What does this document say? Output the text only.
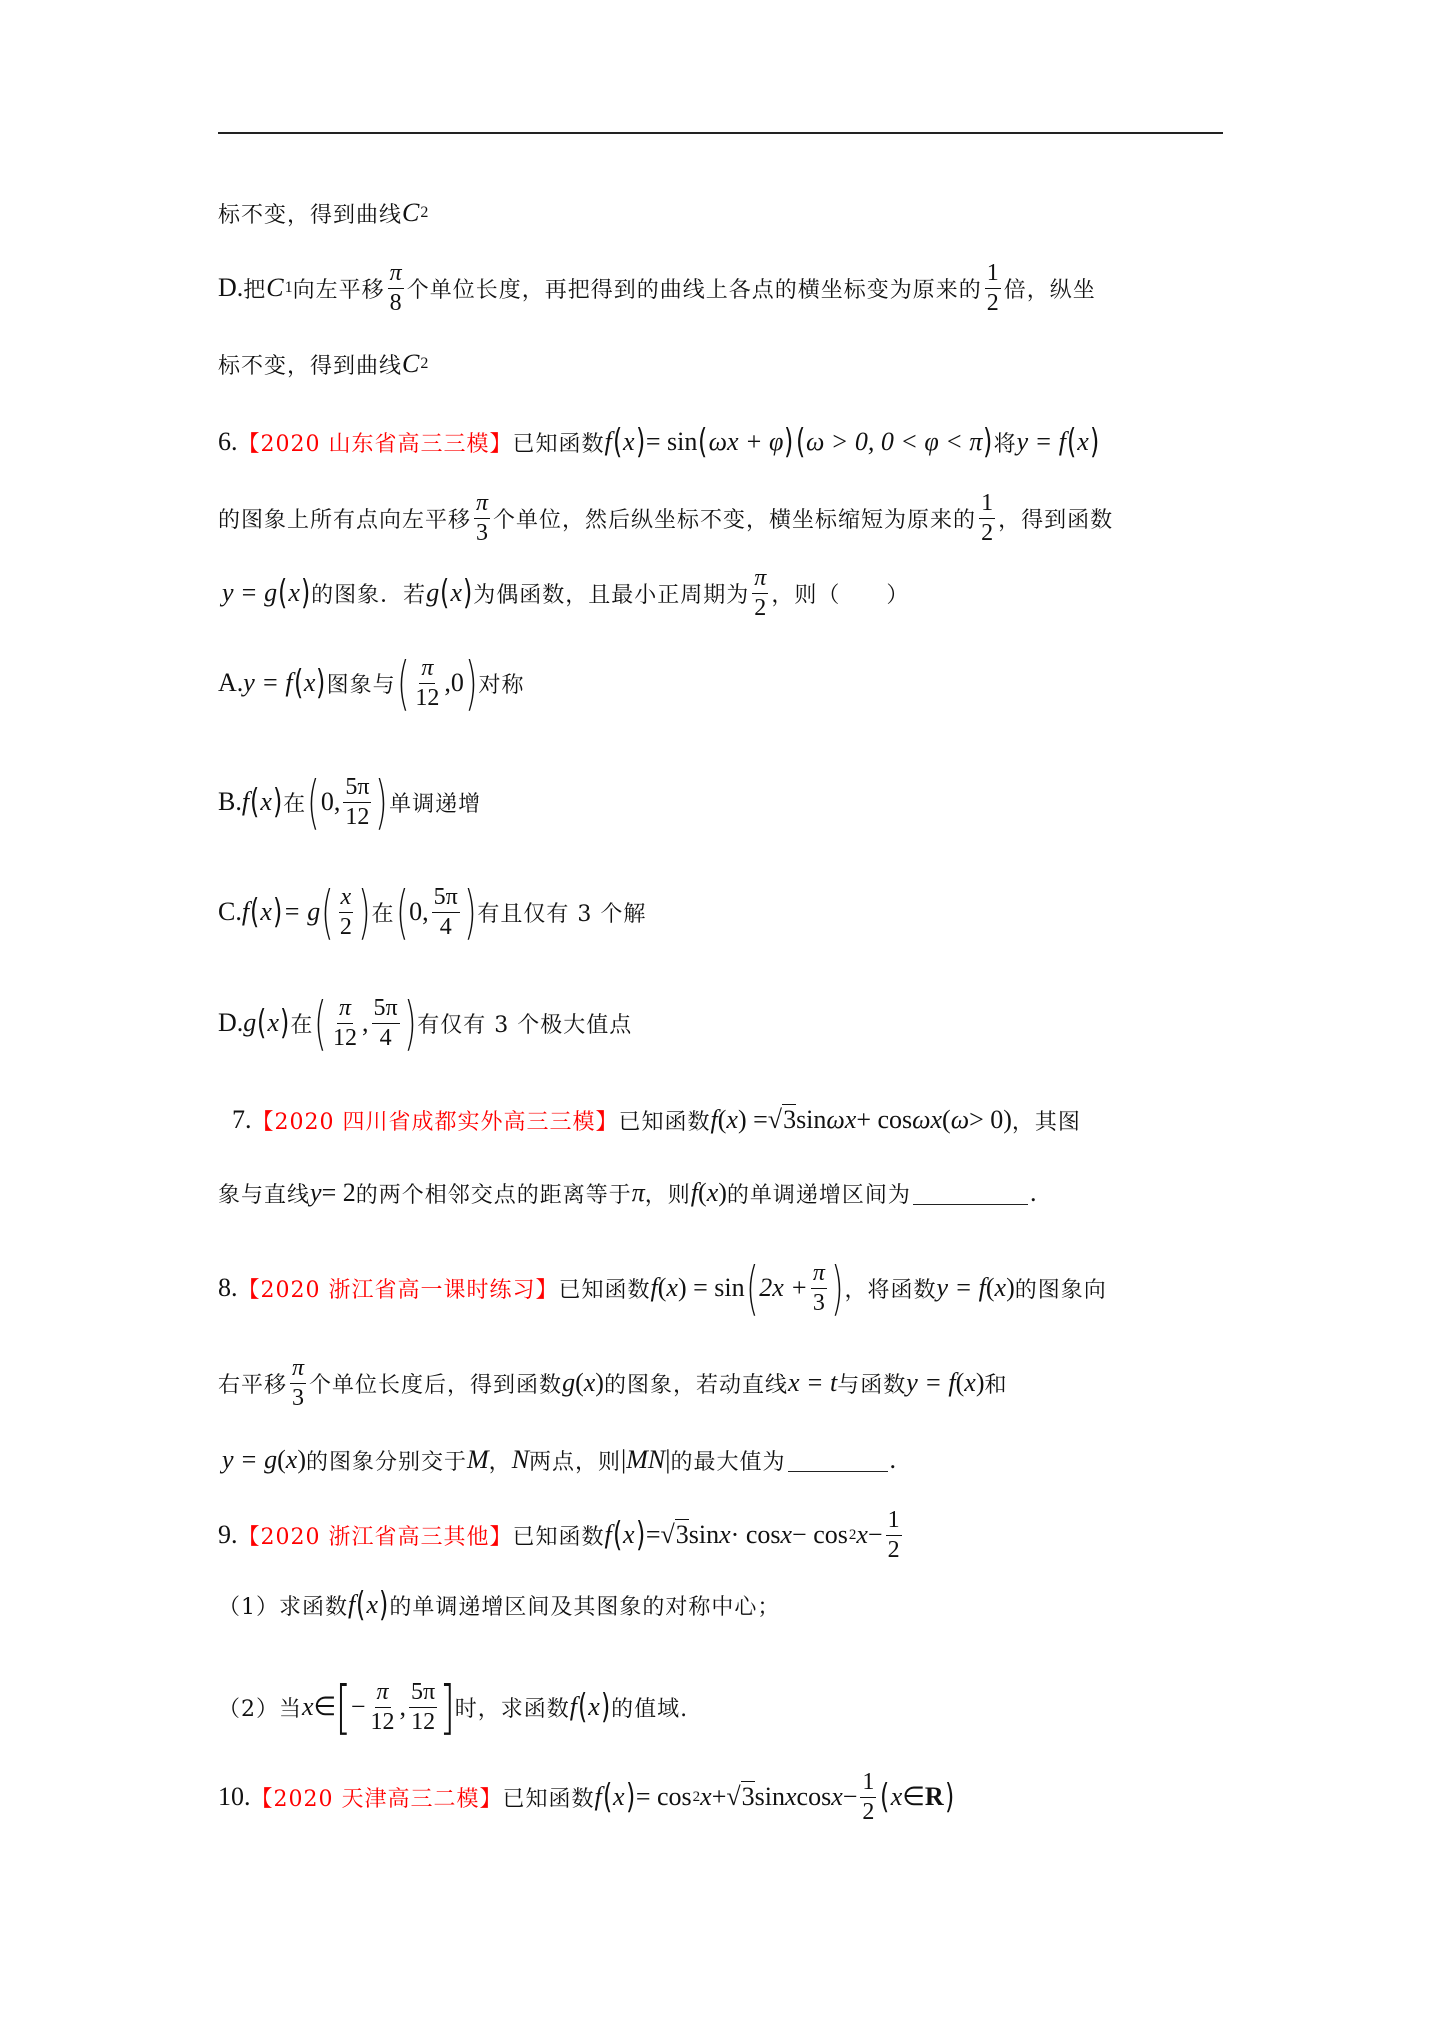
标不变，得到曲线 C 2
D. 把 C 1 向左平移 $\frac{\pi}{8}$ 个单位长度，再把得到的曲线上各点的横坐标变为原来的 $\frac{1}{2}$ 倍，纵坐
标不变，得到曲线 C 2
6. 【2020 山东省高三三模】 已知函数 f ( x ) = sin ( ωx + φ ) ( ω > 0, 0 < φ < π ) 将 y = f ( x )
的图象上所有点向左平移 $\frac{\pi}{3}$ 个单位，然后纵坐标不变，横坐标缩短为原来的 $\frac{1}{2}$ ，得到函数
y = g ( x ) 的图象．若 g ( x ) 为偶函数，且最小正周期为 $\frac{\pi}{2}$ ，则（　　）
A. y = f ( x ) 图象与 ( $\frac{\pi}{12} ,0$ ) 对称
B. f ( x ) 在 ( 0, $\frac{5\pi}{12}$ ) 单调递增
C. f ( x ) = g ( $\frac{x}{2}$ ) 在 ( 0, $\frac{5\pi}{4}$ ) 有且仅有 3 个解
D. g ( x ) 在 ( $\frac{\pi}{12}$ , $\frac{5\pi}{4}$ ) 有仅有 3 个极大值点
7. 【2020 四川省成都实外高三三模】 已知函数 f ( x ) = √3 sin ωx + cos ωx ( ω > 0) ，其图
象与直线 y = 2 的两个相邻交点的距离等于 π ，则 f ( x ) 的单调递增区间为	.
8. 【2020 浙江省高一课时练习】 已知函数 f ( x ) = sin ( $2x + \frac{\pi}{3}$ ) ，将函数 y = f ( x ) 的图象向
右平移 $\frac{\pi}{3}$ 个单位长度后，得到函数 g ( x ) 的图象，若动直线 x = t 与函数 y = f ( x ) 和
y = g ( x ) 的图象分别交于 M ， N 两点，则 | MN | 的最大值为	.
9. 【2020 浙江省高三其他】 已知函数 f ( x ) = √3 sin x · cos x − cos 2 $x - \frac{1}{2}$
（1）求函数 f ( x ) 的单调递增区间及其图象的对称中心；
（2）当 x ∈ [ − $\frac{\pi}{12}$ , $\frac{5\pi}{12}$ ] 时，求函数 f ( x ) 的值域.
10. 【2020 天津高三二模】 已知函数 f ( x ) = cos 2 x + √3 sin x $\cos x - \frac{1}{2}$ ( x ∈ R )
